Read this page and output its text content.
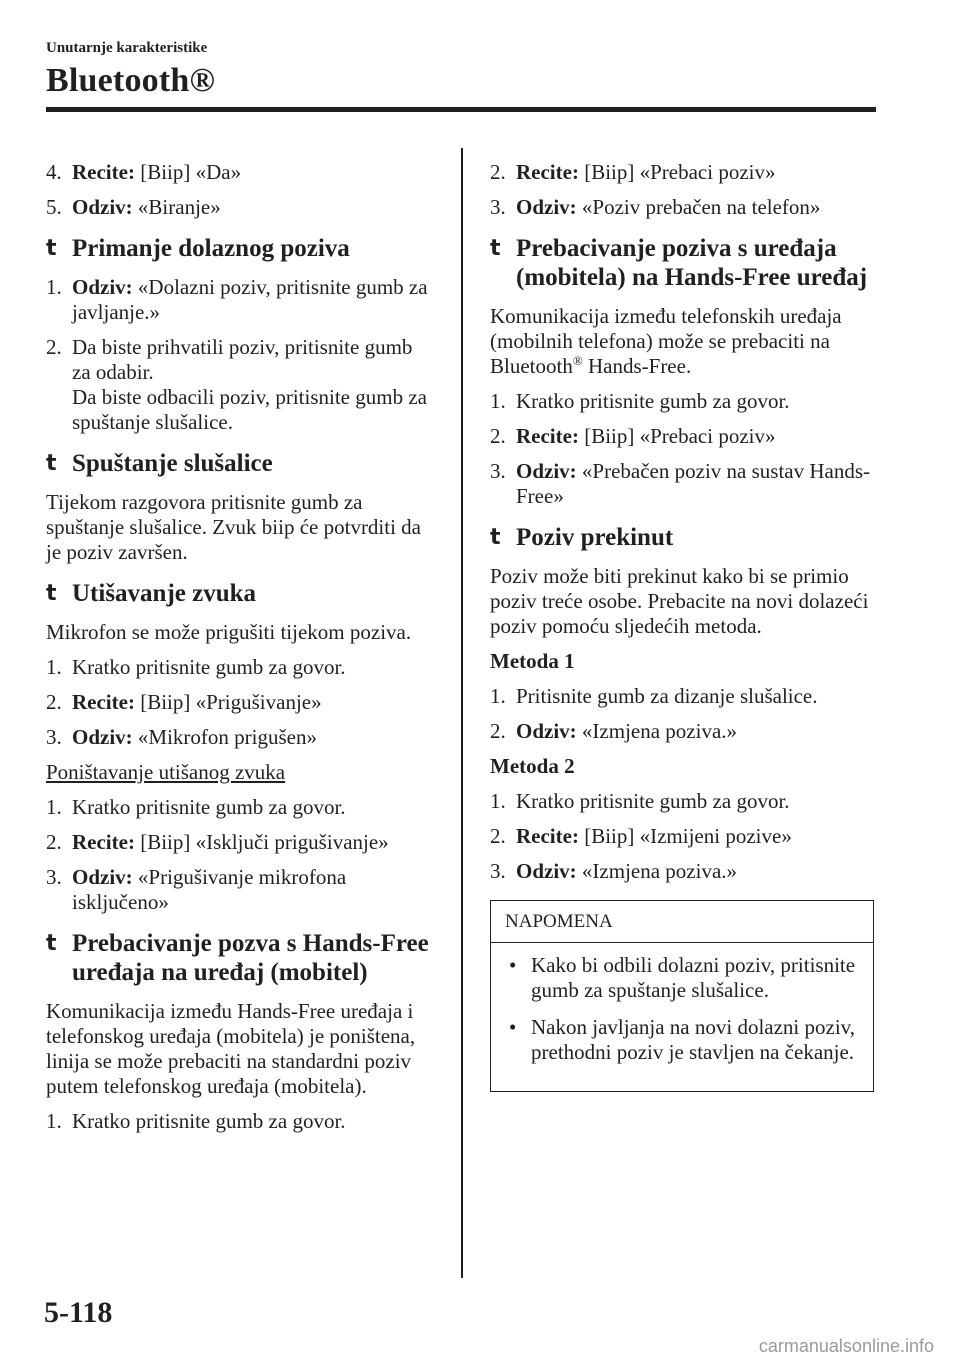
Unutarnje karakteristike
Bluetooth®
4. Recite: [Biip] «Da»
5. Odziv: «Biranje»
t Primanje dolaznog poziva
1. Odziv: «Dolazni poziv, pritisnite gumb za javljanje.»
2. Da biste prihvatili poziv, pritisnite gumb za odabir.
Da biste odbacili poziv, pritisnite gumb za spuštanje slušalice.
t Spuštanje slušalice
Tijekom razgovora pritisnite gumb za spuštanje slušalice. Zvuk biip će potvrditi da je poziv završen.
t Utišavanje zvuka
Mikrofon se može prigušiti tijekom poziva.
1. Kratko pritisnite gumb za govor.
2. Recite: [Biip] «Prigušivanje»
3. Odziv: «Mikrofon prigušen»
Poništavanje utišanog zvuka
1. Kratko pritisnite gumb za govor.
2. Recite: [Biip] «Isključi prigušivanje»
3. Odziv: «Prigušivanje mikrofona isključeno»
t Prebacivanje pozva s Hands-Free uređaja na uređaj (mobitel)
Komunikacija između Hands-Free uređaja i telefonskog uređaja (mobitela) je poništena, linija se može prebaciti na standardni poziv putem telefonskog uređaja (mobitela).
1. Kratko pritisnite gumb za govor.
2. Recite: [Biip] «Prebaci poziv»
3. Odziv: «Poziv prebačen na telefon»
t Prebacivanje poziva s uređaja (mobitela) na Hands-Free uređaj
Komunikacija između telefonskih uređaja (mobilnih telefona) može se prebaciti na Bluetooth® Hands-Free.
1. Kratko pritisnite gumb za govor.
2. Recite: [Biip] «Prebaci poziv»
3. Odziv: «Prebačen poziv na sustav Hands-Free»
t Poziv prekinut
Poziv može biti prekinut kako bi se primio poziv treće osobe. Prebacite na novi dolazeći poziv pomoću sljedećih metoda.
Metoda 1
1. Pritisnite gumb za dizanje slušalice.
2. Odziv: «Izmjena poziva.»
Metoda 2
1. Kratko pritisnite gumb za govor.
2. Recite: [Biip] «Izmijeni pozive»
3. Odziv: «Izmjena poziva.»
NAPOMENA
• Kako bi odbili dolazni poziv, pritisnite gumb za spuštanje slušalice.
• Nakon javljanja na novi dolazni poziv, prethodni poziv je stavljen na čekanje.
5-118
carmanualsonline.info
